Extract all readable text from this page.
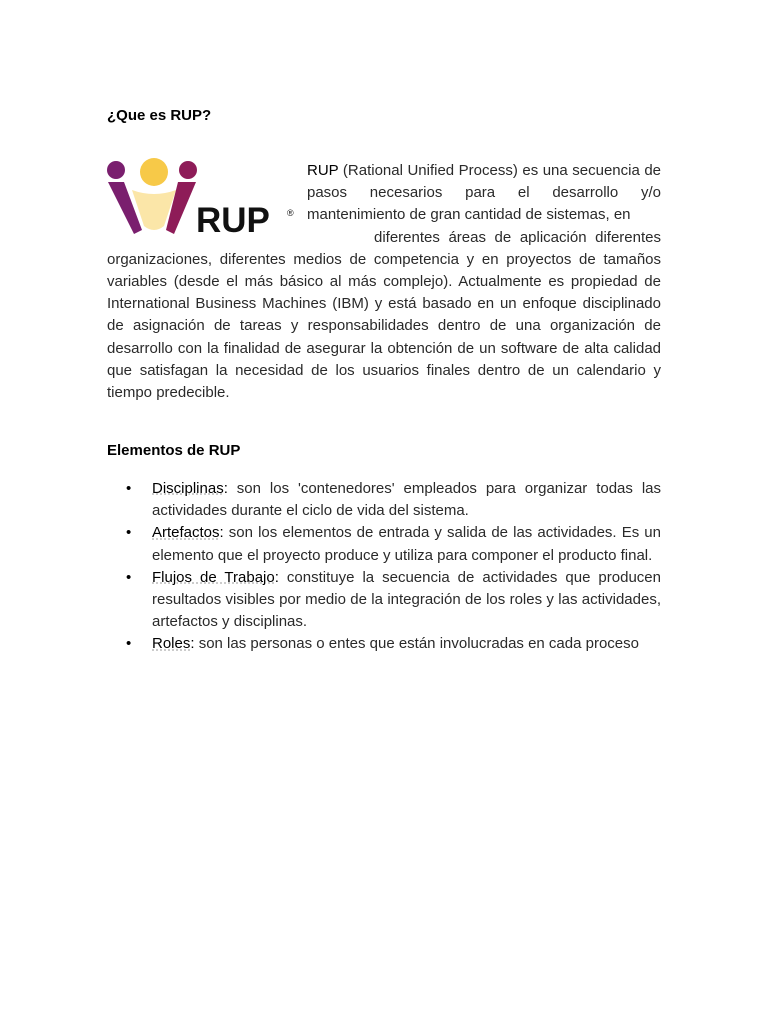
¿Que es RUP?
RUP ®

RUP (Rational Unified Process) es una secuencia de pasos necesarios para el desarrollo y/o mantenimiento de gran cantidad de sistemas, en
diferentes áreas de aplicación diferentes organizaciones, diferentes medios de competencia y en proyectos de tamaños variables (desde el más básico al más complejo). Actualmente es propiedad de International Business Machines (IBM) y está basado en un enfoque disciplinado de asignación de tareas y responsabilidades dentro de una organización de desarrollo con la finalidad de asegurar la obtención de un software de alta calidad que satisfagan la necesidad de los usuarios finales dentro de un calendario y tiempo predecible.

Elementos de RUP
• Disciplinas: son los 'contenedores' empleados para organizar todas las actividades durante el ciclo de vida del sistema.
• Artefactos: son los elementos de entrada y salida de las actividades. Es un elemento que el proyecto produce y utiliza para componer el producto final.
• Flujos de Trabajo: constituye la secuencia de actividades que producen resultados visibles por medio de la integración de los roles y las actividades, artefactos y disciplinas.
• Roles: son las personas o entes que están involucradas en cada proceso
